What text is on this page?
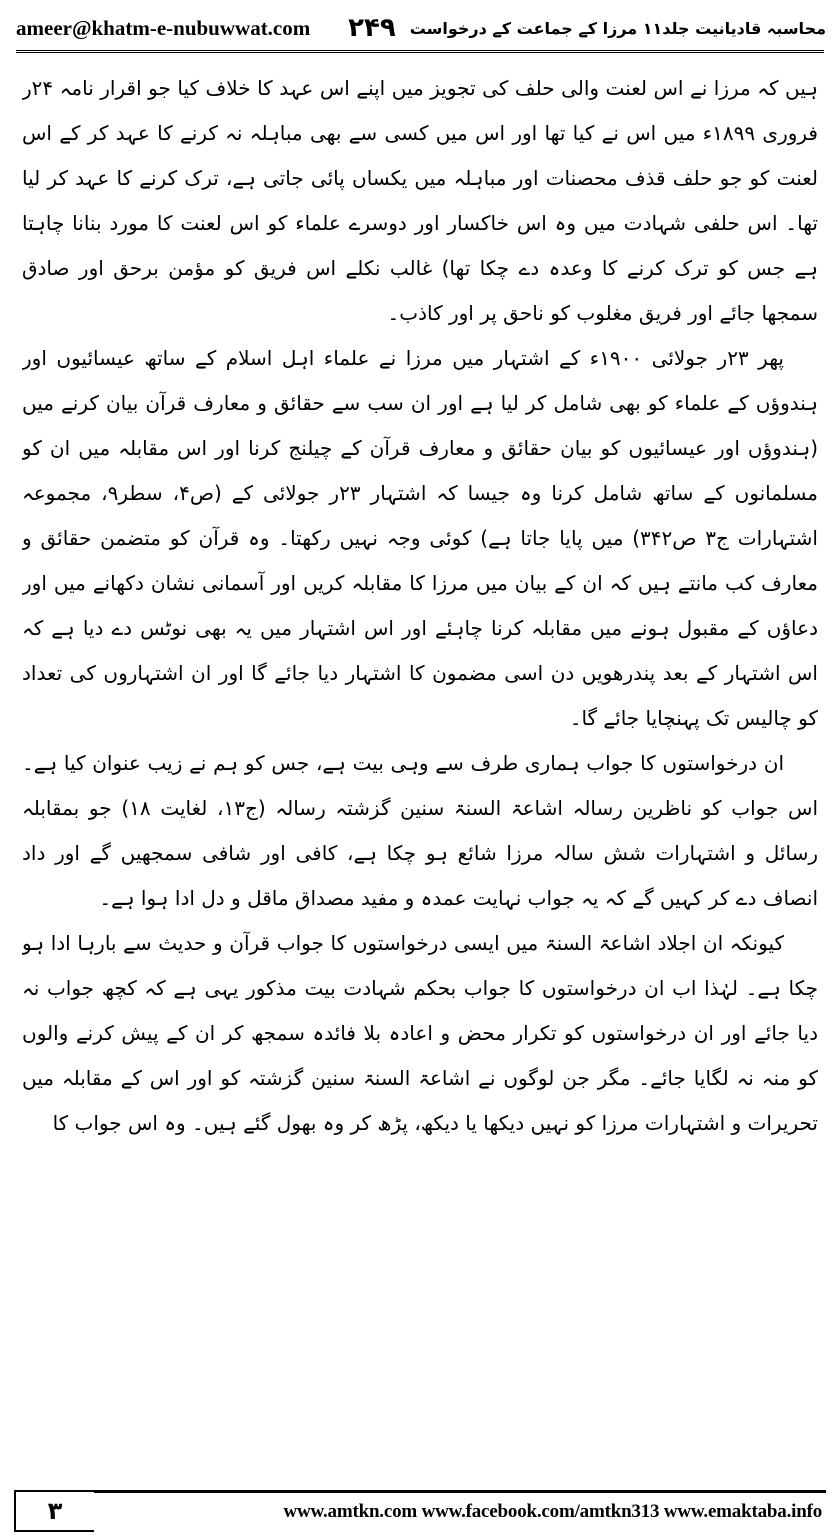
ameer@khatm-e-nubuwwat.com	محاسبہ قادیانیت جلد۱۱ مرزا کے جماعت کے درخواست
۲۴۹

ہیں کہ مرزا نے اس لعنت والی حلف کی تجویز میں اپنے اس عہد کا خلاف کیا جو اقرار نامہ ۲۴ر فروری ۱۸۹۹ء میں اس نے کیا تھا اور اس میں کسی سے بھی مباہلہ نہ کرنے کا عہد کر کے اس لعنت کو جو حلف قذف محصنات اور مباہلہ میں یکساں پائی جاتی ہے، ترک کرنے کا عہد کر لیا تھا۔ اس حلفی شہادت میں وہ اس خاکسار اور دوسرے علماء کو اس لعنت کا مورد بنانا چاہتا ہے جس کو ترک کرنے کا وعدہ دے چکا تھا) غالب نکلے اس فریق کو مؤمن برحق اور صادق سمجھا جائے اور فریق مغلوب کو ناحق پر اور کاذب۔

پھر ۲۳ر جولائی ۱۹۰۰ء کے اشتہار میں مرزا نے علماء اہل اسلام کے ساتھ عیسائیوں اور ہندوؤں کے علماء کو بھی شامل کر لیا ہے اور ان سب سے حقائق و معارف قرآن بیان کرنے میں (ہندوؤں اور عیسائیوں کو بیان حقائق و معارف قرآن کے چیلنج کرنا اور اس مقابلہ میں ان کو مسلمانوں کے ساتھ شامل کرنا وہ جیسا کہ اشتہار ۲۳ر جولائی کے (ص۴، سطر۹، مجموعہ اشتہارات ج۳ ص۳۴۲) میں پایا جاتا ہے) کوئی وجہ نہیں رکھتا۔ وہ قرآن کو متضمن حقائق و معارف کب مانتے ہیں کہ ان کے بیان میں مرزا کا مقابلہ کریں اور آسمانی نشان دکھانے میں اور دعاؤں کے مقبول ہونے میں مقابلہ کرنا چاہئے اور اس اشتہار میں یہ بھی نوٹس دے دیا ہے کہ اس اشتہار کے بعد پندرھویں دن اسی مضمون کا اشتہار دیا جائے گا اور ان اشتہاروں کی تعداد کو چالیس تک پہنچایا جائے گا۔

ان درخواستوں کا جواب ہماری طرف سے وہی بیت ہے، جس کو ہم نے زیب عنوان کیا ہے۔ اس جواب کو ناظرین رسالہ اشاعۃ السنۃ سنین گزشتہ رسالہ (ج۱۳، لغایت ۱۸) جو بمقابلہ رسائل و اشتہارات شش سالہ مرزا شائع ہو چکا ہے، کافی اور شافی سمجھیں گے اور داد انصاف دے کر کہیں گے کہ یہ جواب نہایت عمدہ و مفید مصداق ماقل و دل ادا ہوا ہے۔

کیونکہ ان اجلاد اشاعۃ السنۃ میں ایسی درخواستوں کا جواب قرآن و حدیث سے بارہا ادا ہو چکا ہے۔ لہٰذا اب ان درخواستوں کا جواب بحکم شہادت بیت مذکور یہی ہے کہ کچھ جواب نہ دیا جائے اور ان درخواستوں کو تکرار محض و اعادہ بلا فائدہ سمجھ کر ان کے پیش کرنے والوں کو منہ نہ لگایا جائے۔ مگر جن لوگوں نے اشاعۃ السنۃ سنین گزشتہ کو اور اس کے مقابلہ میں تحریرات و اشتہارات مرزا کو نہیں دیکھا یا دیکھ، پڑھ کر وہ بھول گئے ہیں۔ وہ اس جواب کا

۳	www.amtkn.com www.facebook.com/amtkn313 www.emaktaba.info
